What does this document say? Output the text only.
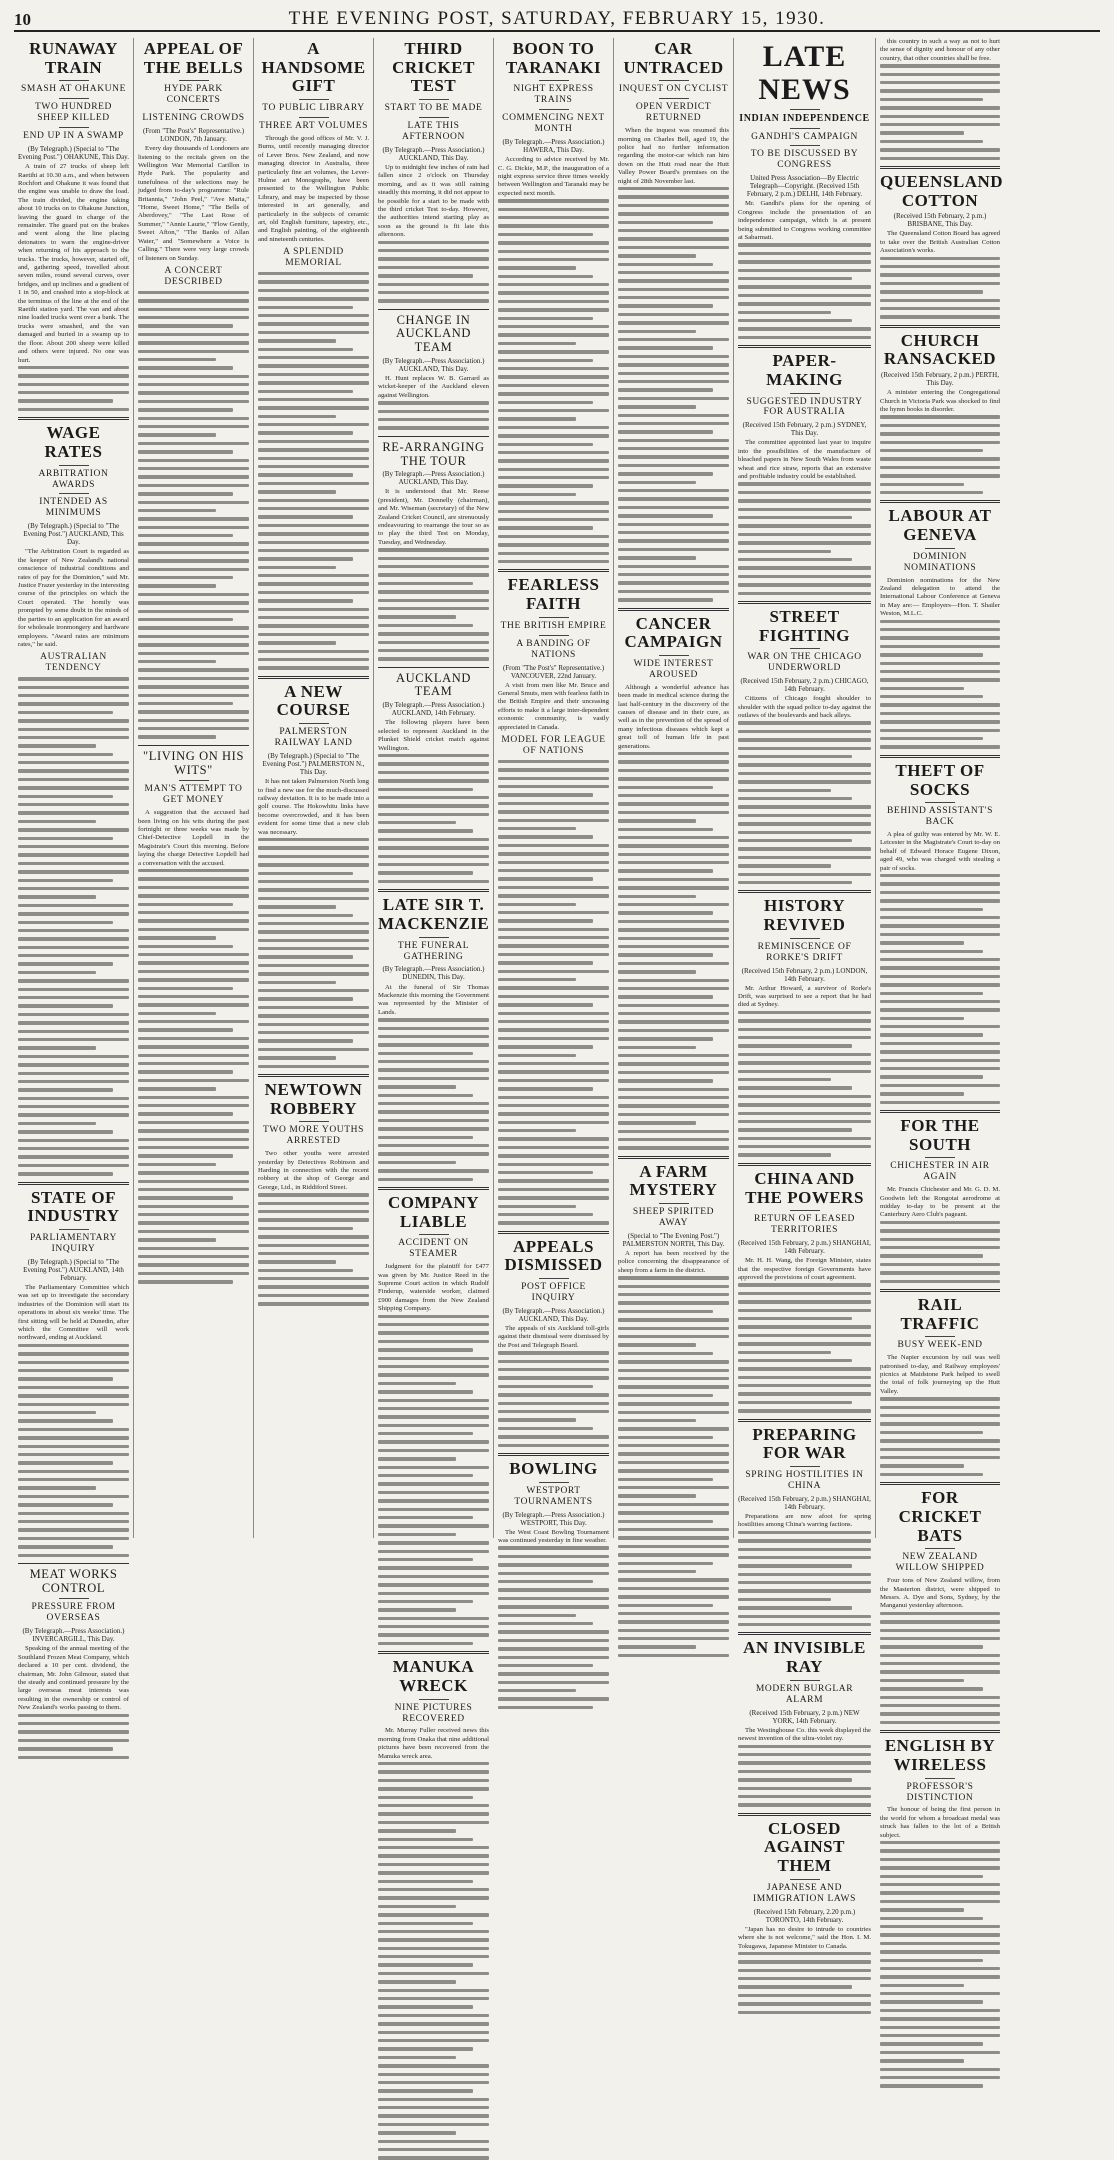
10	THE EVENING POST, SATURDAY, FEBRUARY 15, 1930.
RUNAWAY TRAIN
SMASH AT OHAKUNE
TWO HUNDRED SHEEP KILLED
END UP IN A SWAMP
(By Telegraph.) (Special to "The Evening Post.") OHAKUNE, This Day.

A train of 27 trucks of sheep left Raetihi at 10.30 a.m., and when between Rochfort and Ohakune it was found that the engine was unable to draw the load. The train divided, the engine taking about 10 trucks on to Ohakune Junction, leaving the guard in charge of the remainder. The guard put on the brakes and went along the line placing detonators to warn the engine-driver when returning of his approach to the trucks. The trucks, however, started off, and, gathering speed, travelled about seven miles, round several curves, over bridges, and up inclines and a gradient of 1 in 50, and crashed into a stop-block at the terminus of the line at the end of the Raetihi station yard. The van and about nine loaded trucks went over a bank. The trucks were smashed, and the van damaged and buried in a swamp up to the floor. About 200 sheep were killed and others were injured. No one was hurt.

WAGE RATES
ARBITRATION AWARDS
INTENDED AS MINIMUMS
(By Telegraph.) (Special to "The Evening Post.") AUCKLAND, This Day.

"The Arbitration Court is regarded as the keeper of New Zealand's national conscience of industrial conditions and rates of pay for the Dominion," said Mr. Justice Frazer yesterday in the interesting course of the principles on which the Court operated. The homily was prompted by some doubt in the minds of the parties to an application for an award for wholesale ironmongery and hardware employees. "Award rates are minimum rates," he said.

AUSTRALIAN TENDENCY
STATE OF INDUSTRY
PARLIAMENTARY INQUIRY
(By Telegraph.) (Special to "The Evening Post.") AUCKLAND, 14th February.

The Parliamentary Committee which was set up to investigate the secondary industries of the Dominion will start its operations in about six weeks' time. The first sitting will be held at Dunedin, after which the Committee will work northward, ending at Auckland.

MEAT WORKS CONTROL
PRESSURE FROM OVERSEAS
(By Telegraph.—Press Association.) INVERCARGILL, This Day.

Speaking of the annual meeting of the Southland Frozen Meat Company, which declared a 10 per cent. dividend, the chairman, Mr. John Gilmour, stated that the steady and continued pressure by the large overseas meat interests was resulting in the ownership or control of New Zealand's works passing to them.

APPEAL OF THE BELLS
HYDE PARK CONCERTS
LISTENING CROWDS
(From "The Post's" Representative.) LONDON, 7th January.

Every day thousands of Londoners are listening to the recitals given on the Wellington War Memorial Carillon in Hyde Park. The popularity and tunefulness of the selections may be judged from to-day's programme: "Rule Britannia," "John Peel," "Ave Maria," "Home, Sweet Home," "The Bells of Aberdovey," "The Last Rose of Summer," "Annie Laurie," "Flow Gently, Sweet Afton," "The Banks of Allan Water," and "Somewhere a Voice is Calling." There were very large crowds of listeners on Sunday.

A CONCERT DESCRIBED
"LIVING ON HIS WITS"
MAN'S ATTEMPT TO GET MONEY

A suggestion that the accused had been living on his wits during the past fortnight or three weeks was made by Chief-Detective Lopdell in the Magistrate's Court this morning. Before laying the charge Detective Lopdell had a conversation with the accused.

A HANDSOME GIFT
TO PUBLIC LIBRARY
THREE ART VOLUMES

Through the good offices of Mr. V. J. Burns, until recently managing director of Lever Bros. New Zealand, and now managing director in Australia, three particularly fine art volumes, the Lever-Hulme art Monographs, have been presented to the Wellington Public Library, and may be inspected by those interested in art generally, and particularly in the subjects of ceramic art, old English furniture, tapestry, etc., and English painting, of the eighteenth and nineteenth centuries.

A SPLENDID MEMORIAL
A NEW COURSE
PALMERSTON RAILWAY LAND
(By Telegraph.) (Special to "The Evening Post.") PALMERSTON N., This Day.

It has not taken Palmerston North long to find a new use for the much-discussed railway deviation. It is to be made into a golf course. The Hokowhitu links have become overcrowded, and it has been evident for some time that a new club was necessary.

NEWTOWN ROBBERY
TWO MORE YOUTHS ARRESTED

Two other youths were arrested yesterday by Detectives Robinson and Harding in connection with the recent robbery at the shop of George and George, Ltd., in Riddiford Street.

THIRD CRICKET TEST
START TO BE MADE
LATE THIS AFTERNOON
(By Telegraph.—Press Association.) AUCKLAND, This Day.

Up to midnight few inches of rain had fallen since 2 o'clock on Thursday morning, and as it was still raining steadily this morning, it did not appear to be possible for a start to be made with the third cricket Test to-day. However, the authorities intend starting play as soon as the ground is fit late this afternoon.

CHANGE IN AUCKLAND TEAM
(By Telegraph.—Press Association.) AUCKLAND, This Day.

H. Hunt replaces W. B. Garrard as wicket-keeper of the Auckland eleven against Wellington.

RE-ARRANGING THE TOUR
(By Telegraph.—Press Association.) AUCKLAND, This Day.

It is understood that Mr. Reese (president), Mr. Donnelly (chairman), and Mr. Wiseman (secretary) of the New Zealand Cricket Council, are strenuously endeavouring to rearrange the tour so as to play the third Test on Monday, Tuesday, and Wednesday.

AUCKLAND TEAM
(By Telegraph.—Press Association.) AUCKLAND, 14th February.

The following players have been selected to represent Auckland in the Plunket Shield cricket match against Wellington.

LATE SIR T. MACKENZIE
THE FUNERAL GATHERING
(By Telegraph.—Press Association.) DUNEDIN, This Day.

At the funeral of Sir Thomas Mackenzie this morning the Government was represented by the Minister of Lands.

COMPANY LIABLE
ACCIDENT ON STEAMER

Judgment for the plaintiff for £477 was given by Mr. Justice Reed in the Supreme Court action in which Rudolf Finderup, waterside worker, claimed £900 damages from the New Zealand Shipping Company.

MANUKA WRECK
NINE PICTURES RECOVERED

Mr. Murray Fuller received news this morning from Onaka that nine additional pictures have been recovered from the Manuka wreck area.

BOON TO TARANAKI
NIGHT EXPRESS TRAINS
COMMENCING NEXT MONTH
(By Telegraph.—Press Association.) HAWERA, This Day.

According to advice received by Mr. C. G. Dickie, M.P., the inauguration of a night express service three times weekly between Wellington and Taranaki may be expected next month.

FEARLESS FAITH
THE BRITISH EMPIRE
A BANDING OF NATIONS
(From "The Post's" Representative.) VANCOUVER, 22nd January.

A visit from men like Mr. Bruce and General Smuts, men with fearless faith in the British Empire and their unceasing efforts to make it a large inter-dependent economic community, is vastly appreciated in Canada.

MODEL FOR LEAGUE OF NATIONS
APPEALS DISMISSED
POST OFFICE INQUIRY
(By Telegraph.—Press Association.) AUCKLAND, This Day.

The appeals of six Auckland toll-girls against their dismissal were dismissed by the Post and Telegraph Board.

BOWLING
WESTPORT TOURNAMENTS
(By Telegraph.—Press Association.) WESTPORT, This Day.

The West Coast Bowling Tournament was continued yesterday in fine weather.

CAR UNTRACED
INQUEST ON CYCLIST
OPEN VERDICT RETURNED

When the inquest was resumed this morning on Charles Bell, aged 19, the police had no further information regarding the motor-car which ran him down on the Hutt road near the Hutt Valley Power Board's premises on the night of 28th November last.

CANCER CAMPAIGN
WIDE INTEREST AROUSED

Although a wonderful advance has been made in medical science during the last half-century in the discovery of the causes of disease and in their cure, as well as in the prevention of the spread of many infectious diseases which kept a great toll of human life in past generations.

A FARM MYSTERY
SHEEP SPIRITED AWAY
(Special to "The Evening Post.") PALMERSTON NORTH, This Day.

A report has been received by the police concerning the disappearance of sheep from a farm in the district.

LATE NEWS
INDIAN INDEPENDENCE
GANDHI'S CAMPAIGN
TO BE DISCUSSED BY CONGRESS
United Press Association—By Electric Telegraph—Copyright. (Received 15th February, 2 p.m.) DELHI, 14th February.

Mr. Gandhi's plans for the opening of Congress include the presentation of an independence campaign, which is at present being submitted to Congress working committee at Sabarmati.

PAPER-MAKING
SUGGESTED INDUSTRY FOR AUSTRALIA
(Received 15th February, 2 p.m.) SYDNEY, This Day.

The committee appointed last year to inquire into the possibilities of the manufacture of bleached papers in New South Wales from waste wheat and rice straw, reports that an extensive and profitable industry could be established.

STREET FIGHTING
WAR ON THE CHICAGO UNDERWORLD
(Received 15th February, 2 p.m.) CHICAGO, 14th February.

Citizens of Chicago fought shoulder to shoulder with the squad police to-day against the outlaws of the boulevards and back alleys.

HISTORY REVIVED
REMINISCENCE OF RORKE'S DRIFT
(Received 15th February, 2 p.m.) LONDON, 14th February.

Mr. Arthur Howard, a survivor of Rorke's Drift, was surprised to see a report that he had died at Sydney.

CHINA AND THE POWERS
RETURN OF LEASED TERRITORIES
(Received 15th February, 2 p.m.) SHANGHAI, 14th February.

Mr. H. H. Wang, the Foreign Minister, states that the respective foreign Governments have approved the provisions of court agreement.

PREPARING FOR WAR
SPRING HOSTILITIES IN CHINA
(Received 15th February, 2 p.m.) SHANGHAI, 14th February.

Preparations are now afoot for spring hostilities among China's warring factions.

AN INVISIBLE RAY
MODERN BURGLAR ALARM
(Received 15th February, 2 p.m.) NEW YORK, 14th February.

The Westinghouse Co. this week displayed the newest invention of the ultra-violet ray.

CLOSED AGAINST THEM
JAPANESE AND IMMIGRATION LAWS
(Received 15th February, 2.20 p.m.) TORONTO, 14th February.

"Japan has no desire to intrude to countries where she is not welcome," said the Hon. I. M. Tokugawa, Japanese Minister to Canada.

this country in such a way as not to hurt the sense of dignity and honour of any other country, that other countries shall be free.

QUEENSLAND COTTON
(Received 15th February, 2 p.m.) BRISBANE, This Day.

The Queensland Cotton Board has agreed to take over the British Australian Cotton Association's works.

CHURCH RANSACKED
(Received 15th February, 2 p.m.) PERTH, This Day.

A minister entering the Congregational Church in Victoria Park was shocked to find the hymn books in disorder.

LABOUR AT GENEVA
DOMINION NOMINATIONS

Dominion nominations for the New Zealand delegation to attend the International Labour Conference at Geneva in May are:— Employers—Hon. T. Shailer Weston, M.L.C.

THEFT OF SOCKS
BEHIND ASSISTANT'S BACK

A plea of guilty was entered by Mr. W. E. Leicester in the Magistrate's Court to-day on behalf of Edward Horace Eugene Dixon, aged 49, who was charged with stealing a pair of socks.

FOR THE SOUTH
CHICHESTER IN AIR AGAIN

Mr. Francis Chichester and Mr. G. D. M. Goodwin left the Rongotai aerodrome at midday to-day to be present at the Canterbury Aero Club's pageant.

RAIL TRAFFIC
BUSY WEEK-END

The Napier excursion by rail was well patronised to-day, and Railway employees' picnics at Maidstone Park helped to swell the total of folk journeying up the Hutt Valley.

FOR CRICKET BATS
NEW ZEALAND WILLOW SHIPPED

Four tons of New Zealand willow, from the Masterton district, were shipped to Messrs. A. Dye and Sons, Sydney, by the Manganui yesterday afternoon.

ENGLISH BY WIRELESS
PROFESSOR'S DISTINCTION

The honour of being the first person in the world for whom a broadcast medal was struck has fallen to the lot of a British subject.
